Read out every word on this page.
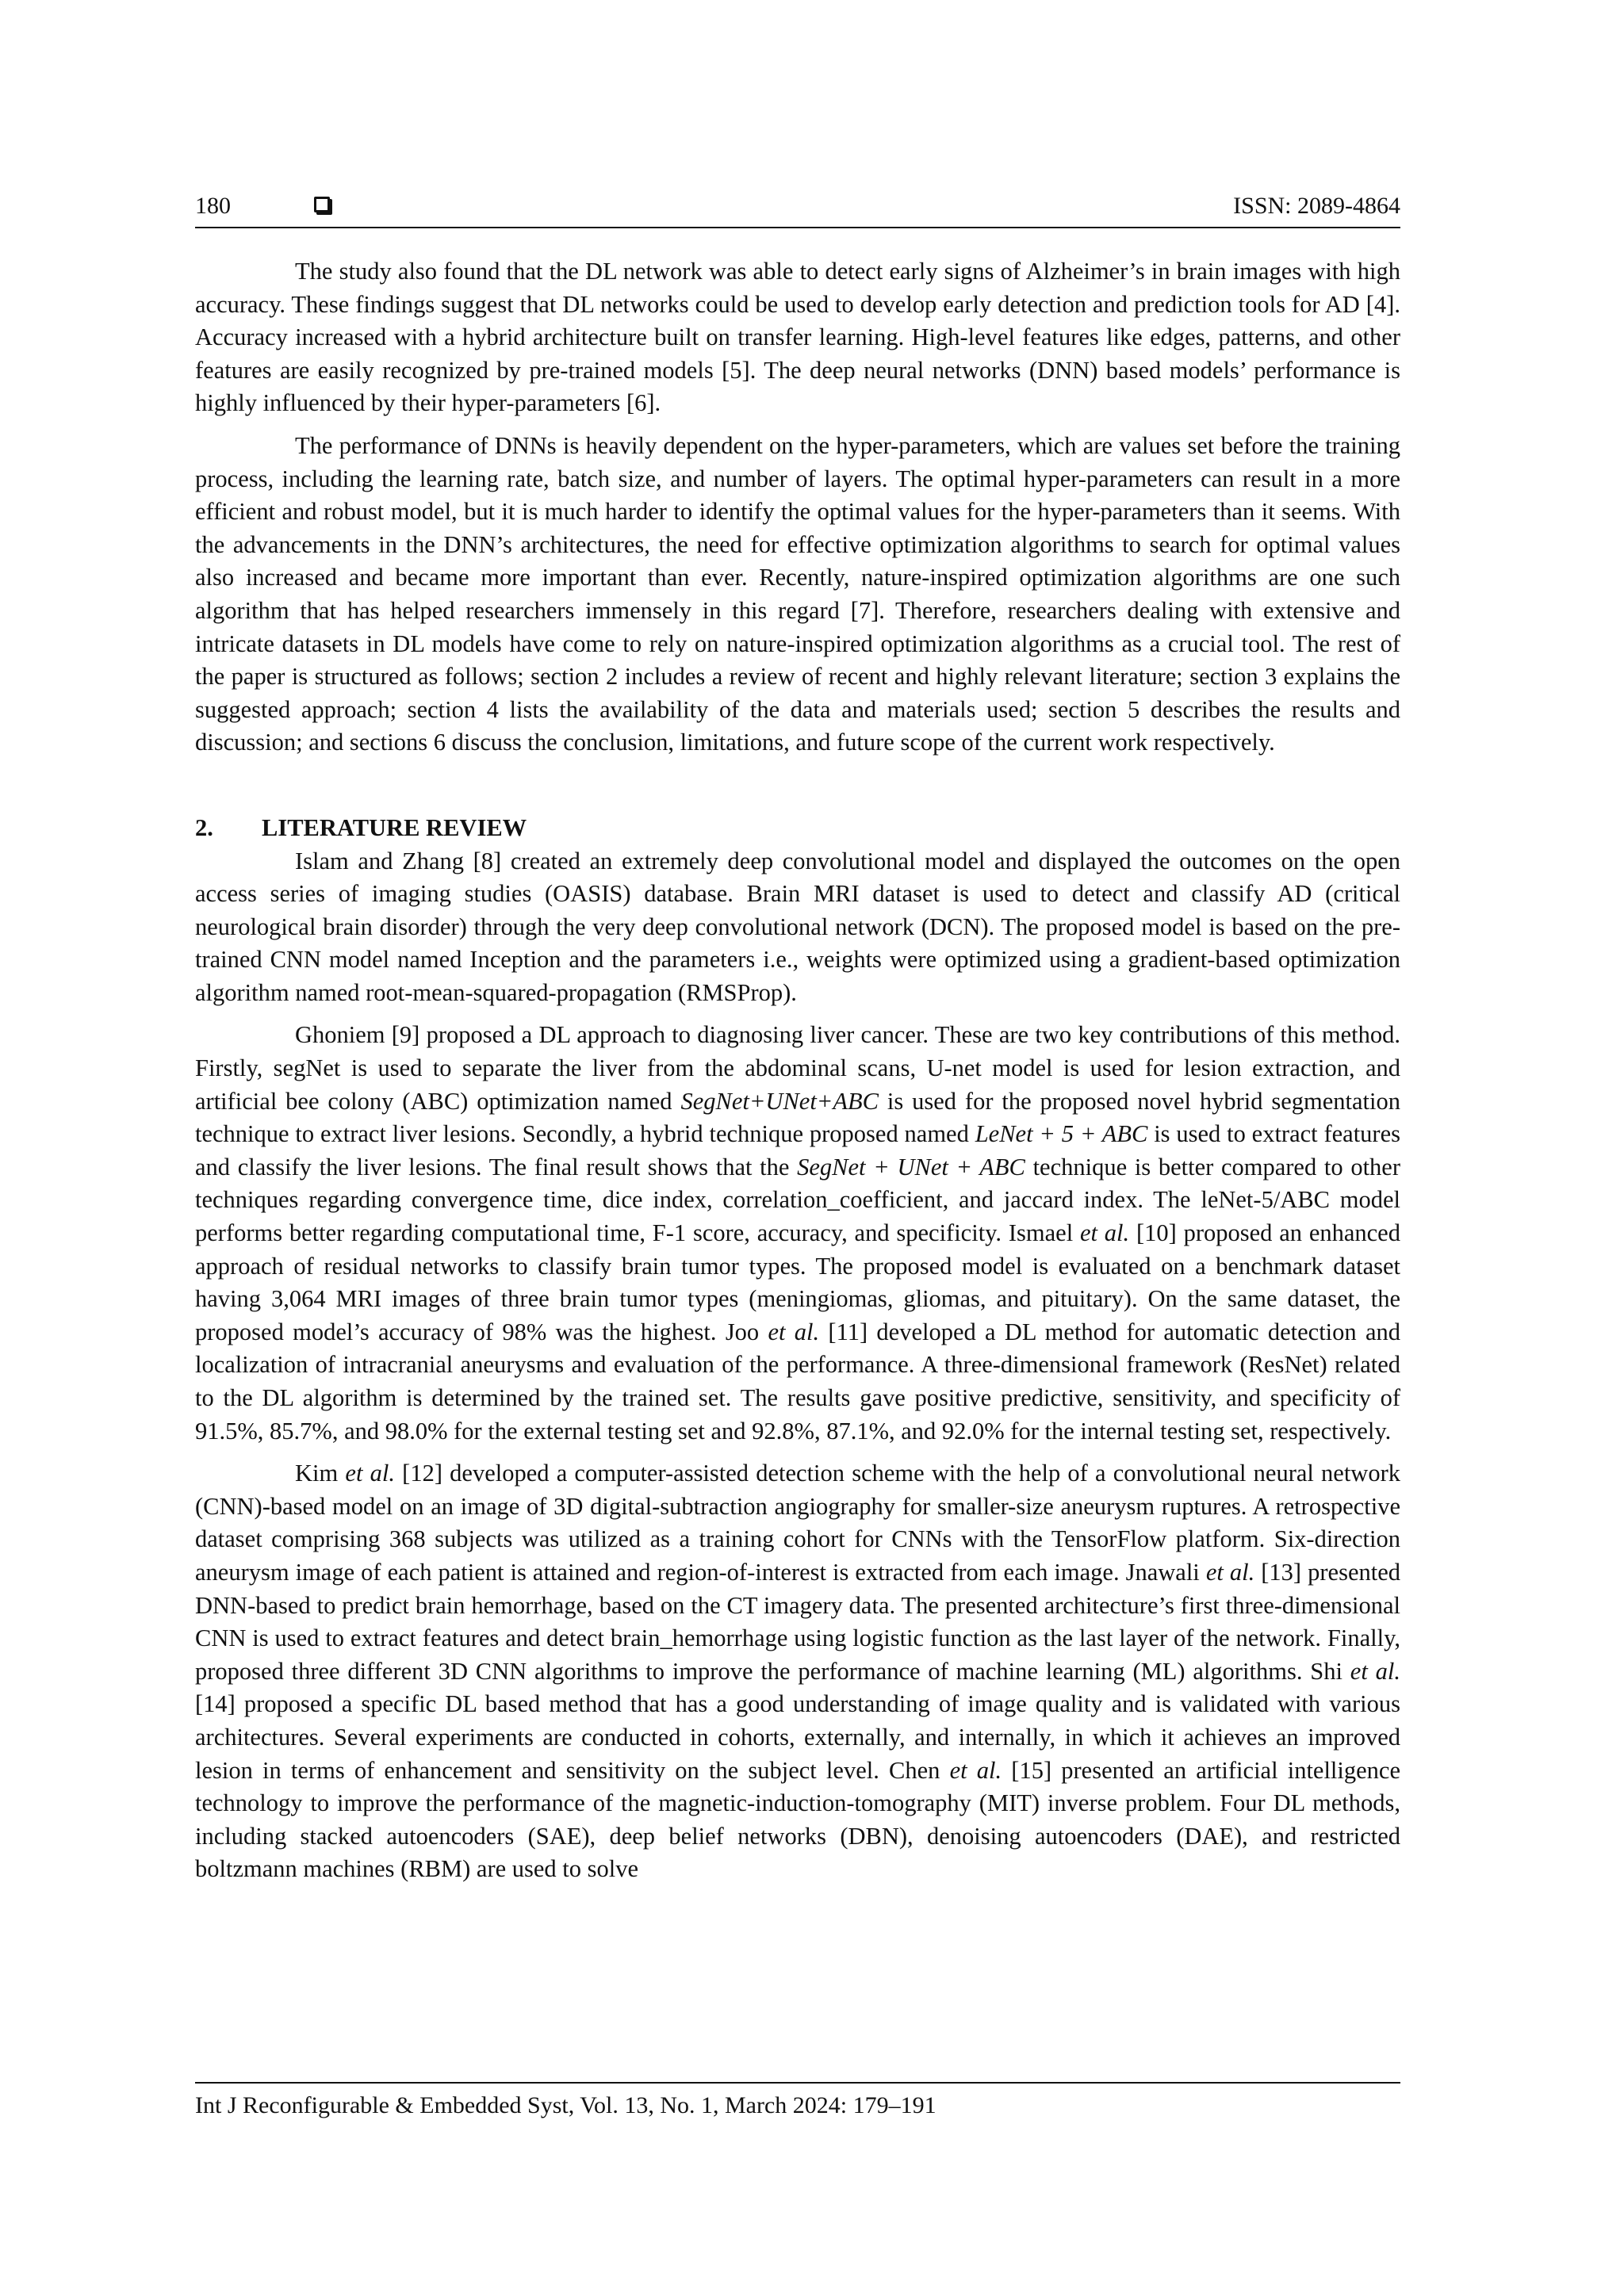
180	ISSN: 2089-4864

The study also found that the DL network was able to detect early signs of Alzheimer’s in brain images with high accuracy. These findings suggest that DL networks could be used to develop early detection and prediction tools for AD [4]. Accuracy increased with a hybrid architecture built on transfer learning. High-level features like edges, patterns, and other features are easily recognized by pre-trained models [5]. The deep neural networks (DNN) based models’ performance is highly influenced by their hyper-parameters [6].

The performance of DNNs is heavily dependent on the hyper-parameters, which are values set before the training process, including the learning rate, batch size, and number of layers. The optimal hyper-parameters can result in a more efficient and robust model, but it is much harder to identify the optimal values for the hyper-parameters than it seems. With the advancements in the DNN’s architectures, the need for effective optimization algorithms to search for optimal values also increased and became more important than ever. Recently, nature-inspired optimization algorithms are one such algorithm that has helped researchers immensely in this regard [7]. Therefore, researchers dealing with extensive and intricate datasets in DL models have come to rely on nature-inspired optimization algorithms as a crucial tool. The rest of the paper is structured as follows; section 2 includes a review of recent and highly relevant literature; section 3 explains the suggested approach; section 4 lists the availability of the data and materials used; section 5 describes the results and discussion; and sections 6 discuss the conclusion, limitations, and future scope of the current work respectively.

2. LITERATURE REVIEW

Islam and Zhang [8] created an extremely deep convolutional model and displayed the outcomes on the open access series of imaging studies (OASIS) database. Brain MRI dataset is used to detect and classify AD (critical neurological brain disorder) through the very deep convolutional network (DCN). The proposed model is based on the pre-trained CNN model named Inception and the parameters i.e., weights were optimized using a gradient-based optimization algorithm named root-mean-squared-propagation (RMSProp).

Ghoniem [9] proposed a DL approach to diagnosing liver cancer. These are two key contributions of this method. Firstly, segNet is used to separate the liver from the abdominal scans, U-net model is used for lesion extraction, and artificial bee colony (ABC) optimization named SegNet+UNet+ABC is used for the proposed novel hybrid segmentation technique to extract liver lesions. Secondly, a hybrid technique proposed named LeNet + 5 + ABC is used to extract features and classify the liver lesions. The final result shows that the SegNet + UNet + ABC technique is better compared to other techniques regarding convergence time, dice index, correlation_coefficient, and jaccard index. The leNet-5/ABC model performs better regarding computational time, F-1 score, accuracy, and specificity. Ismael et al. [10] proposed an enhanced approach of residual networks to classify brain tumor types. The proposed model is evaluated on a benchmark dataset having 3,064 MRI images of three brain tumor types (meningiomas, gliomas, and pituitary). On the same dataset, the proposed model’s accuracy of 98% was the highest. Joo et al. [11] developed a DL method for automatic detection and localization of intracranial aneurysms and evaluation of the performance. A three-dimensional framework (ResNet) related to the DL algorithm is determined by the trained set. The results gave positive predictive, sensitivity, and specificity of 91.5%, 85.7%, and 98.0% for the external testing set and 92.8%, 87.1%, and 92.0% for the internal testing set, respectively.

Kim et al. [12] developed a computer-assisted detection scheme with the help of a convolutional neural network (CNN)-based model on an image of 3D digital-subtraction angiography for smaller-size aneurysm ruptures. A retrospective dataset comprising 368 subjects was utilized as a training cohort for CNNs with the TensorFlow platform. Six-direction aneurysm image of each patient is attained and region-of-interest is extracted from each image. Jnawali et al. [13] presented DNN-based to predict brain hemorrhage, based on the CT imagery data. The presented architecture’s first three-dimensional CNN is used to extract features and detect brain_hemorrhage using logistic function as the last layer of the network. Finally, proposed three different 3D CNN algorithms to improve the performance of machine learning (ML) algorithms. Shi et al. [14] proposed a specific DL based method that has a good understanding of image quality and is validated with various architectures. Several experiments are conducted in cohorts, externally, and internally, in which it achieves an improved lesion in terms of enhancement and sensitivity on the subject level. Chen et al. [15] presented an artificial intelligence technology to improve the performance of the magnetic-induction-tomography (MIT) inverse problem. Four DL methods, including stacked autoencoders (SAE), deep belief networks (DBN), denoising autoencoders (DAE), and restricted boltzmann machines (RBM) are used to solve

Int J Reconfigurable & Embedded Syst, Vol. 13, No. 1, March 2024: 179–191
